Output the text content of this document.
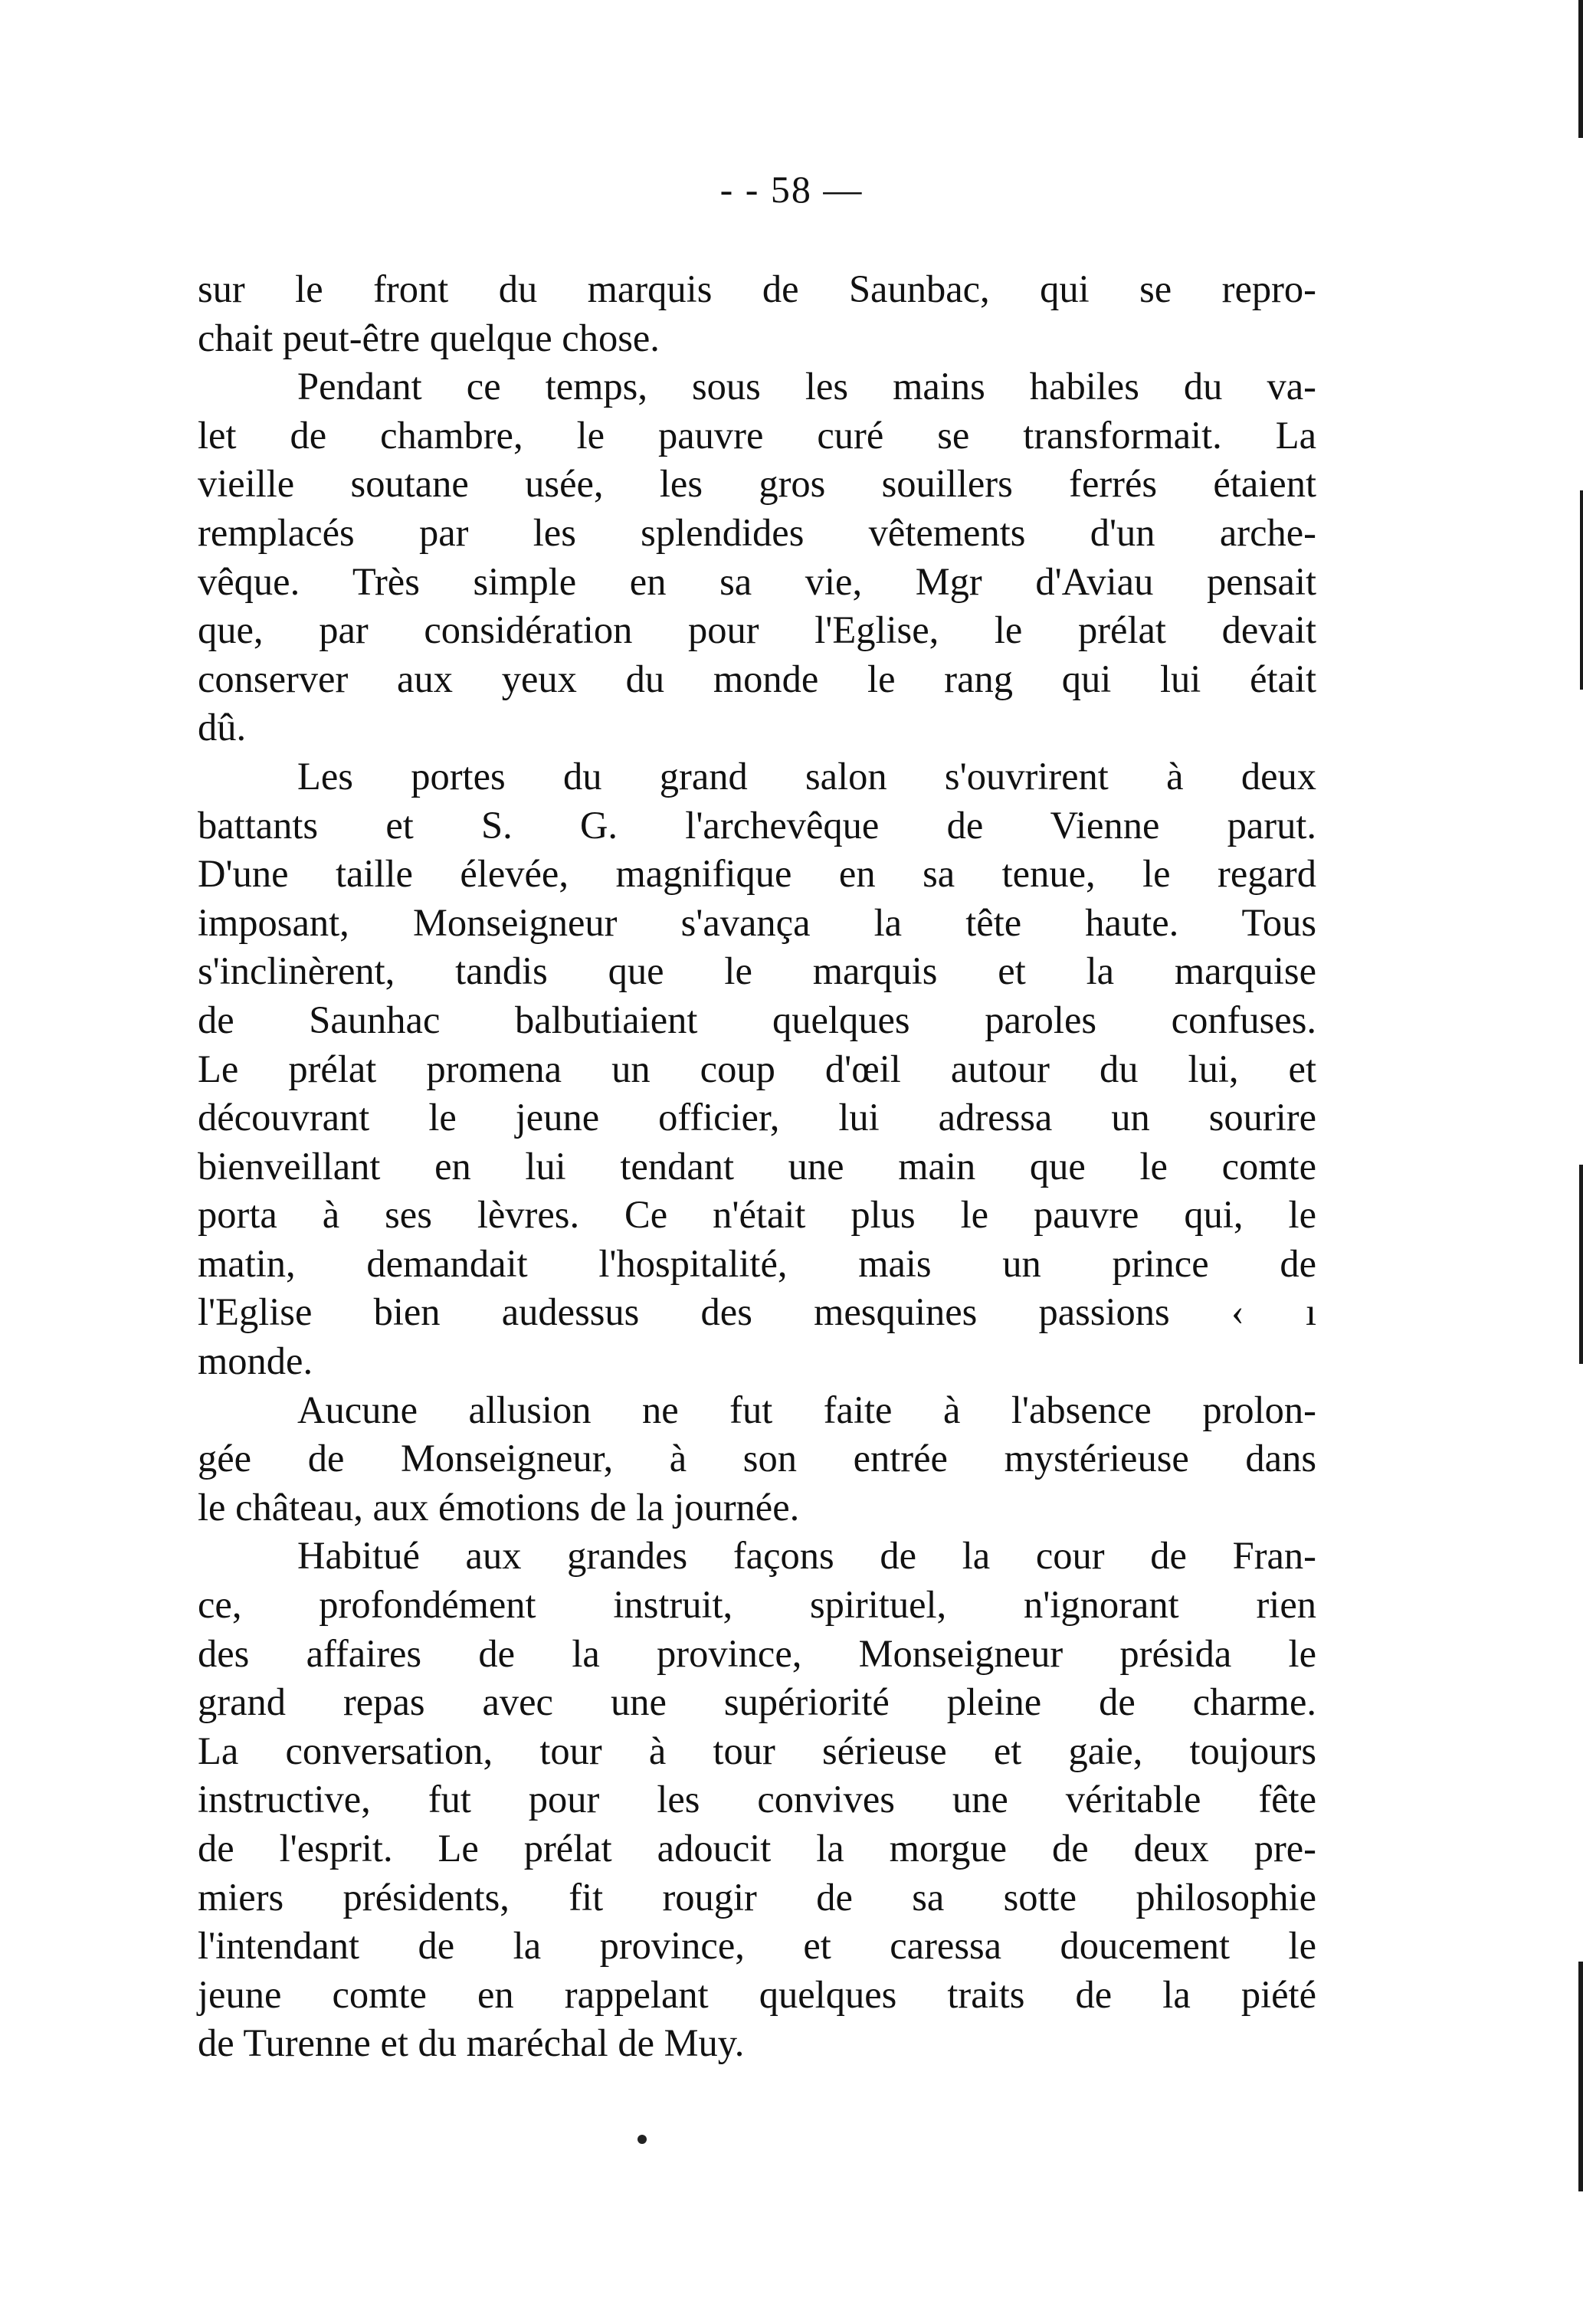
- - 58 —

sur le front du marquis de Saunbac, qui se repro-
chait peut-être quelque chose.

Pendant ce temps, sous les mains habiles du va-
let de chambre, le pauvre curé se transformait. La
vieille soutane usée, les gros souillers ferrés étaient
remplacés par les splendides vêtements d'un arche-
vêque. Très simple en sa vie, Mgr d'Aviau pensait
que, par considération pour l'Eglise, le prélat devait
conserver aux yeux du monde le rang qui lui était
dû.

Les portes du grand salon s'ouvrirent à deux
battants et S. G. l'archevêque de Vienne parut.
D'une taille élevée, magnifique en sa tenue, le regard
imposant, Monseigneur s'avança la tête haute. Tous
s'inclinèrent, tandis que le marquis et la marquise
de Saunhac balbutiaient quelques paroles confuses.
Le prélat promena un coup d'œil autour du lui, et
découvrant le jeune officier, lui adressa un sourire
bienveillant en lui tendant une main que le comte
porta à ses lèvres. Ce n'était plus le pauvre qui, le
matin, demandait l'hospitalité, mais un prince de
l'Eglise bien audessus des mesquines passions ‹ ı
monde.

Aucune allusion ne fut faite à l'absence prolon-
gée de Monseigneur, à son entrée mystérieuse dans
le château, aux émotions de la journée.

Habitué aux grandes façons de la cour de Fran-
ce, profondément instruit, spirituel, n'ignorant rien
des affaires de la province, Monseigneur présida le
grand repas avec une supériorité pleine de charme.
La conversation, tour à tour sérieuse et gaie, toujours
instructive, fut pour les convives une véritable fête
de l'esprit. Le prélat adoucit la morgue de deux pre-
miers présidents, fit rougir de sa sotte philosophie
l'intendant de la province, et caressa doucement le
jeune comte en rappelant quelques traits de la piété
de Turenne et du maréchal de Muy.
